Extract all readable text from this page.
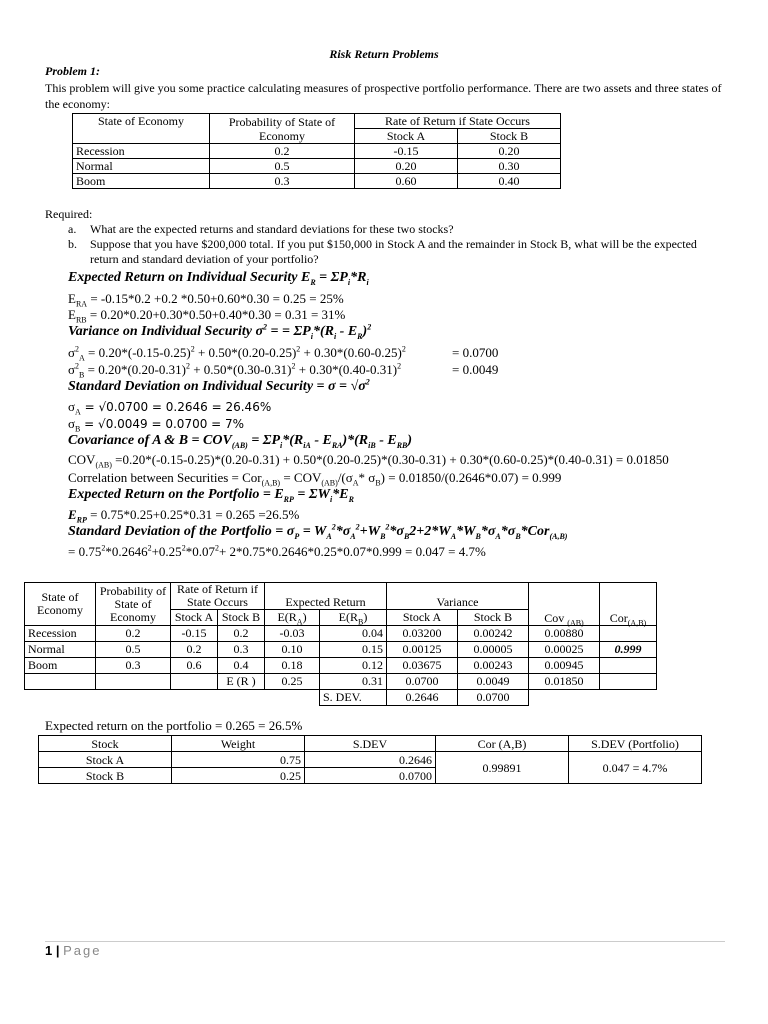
Risk Return Problems
Problem 1:
This problem will give you some practice calculating measures of prospective portfolio performance. There are two assets and three states of the economy:
State of Economy	Probability of State of Economy	Rate of Return if State Occurs	
		Stock A	Stock B
Recession	0.2	-0.15	0.20
Normal	0.5	0.20	0.30
Boom	0.3	0.60	0.40
Required:
a. What are the expected returns and standard deviations for these two stocks?
b. Suppose that you have $200,000 total. If you put $150,000 in Stock A and the remainder in Stock B, what will be the expected return and standard deviation of your portfolio?
Expected Return on Individual Security $E_R = \Sigma P_i*R_i$
$E_{RA} = -0.15*0.2 +0.2$ *0.50+0.60*0.30 = 0.25 = 25%
$E_{RB} = 0.20*0.20+0.30*0.50+0.40*0.30 = 0.31 = 31\%$
Variance on Individual Security $\sigma^2$ = = $\Sigma P_i*(R_i - E_R)^2$
$\sigma^2_A = 0.20*(-0.15-0.25)^2 + 0.50*(0.20-0.25)^2 + 0.30*(0.60-0.25)^2$	= 0.0700
$\sigma^2_B = 0.20*(0.20-0.31)^2 + 0.50*(0.30-0.31)^2 + 0.30*(0.40-0.31)^2$	= 0.0049
Standard Deviation on Individual Security = $\sigma = √\sigma^2$
$\sigma_A = √0.0700 = 0.2646 = 26.46\%$
$\sigma_B = √0.0049 = 0.0700 = 7\%$
Covariance of A & $B = COV_{(AB)} = \Sigma P_i*(R_{iA} - E_{RA})*(R_{iB} - E_{RB})$
$COV_{(AB)} =0.20*(-0.15-0.25)*(0.20-0.31) + 0.50*(0.20-0.25)*(0.30-0.31) + 0.30*(0.60-0.25)*(0.40-0.31) = 0.01850$
Correlation between Securities = $Cor_{(A,B)} = COV_{(AB)}/(\sigma_A*$ $\sigma_B) = 0.01850/(0.2646*0.07) = 0.999$
Expected Return on the Portfolio = $E_{RP} = \Sigma W_i*E_R$
$E_{RP} = 0.75*0.25+0.25*0.31 = 0.265 =26.5\%$
Standard Deviation of the Portfolio = $\sigma_P = W_A^2*\sigma_A^2+W_B^2*\sigma_B2+2*W_A*W_B*\sigma_A*\sigma_B*Cor_{(A,B)}$
= $0.75^2*0.2646^2+0.25^2*0.07^2+ 2*0.75*0.2646*0.25*0.07*0.999 = 0.047 = 4.7\%$
State of Economy	Probability of State of Economy	Rate of Return if State Occurs		Expected Return		Variance		Cov $_{(AB)}$	Cor$_{(A,B)}$
		Stock A	Stock B	$E(R_A)$	$E(R_B)$	Stock A	Stock B		
Recession	0.2	-0.15	0.2	-0.03	0.04	0.03200	0.00242	0.00880	
Normal	0.5	0.2	0.3	0.10	0.15	0.00125	0.00005	0.00025	0.999
Boom	0.3	0.6	0.4	0.18	0.12	0.03675	0.00243	0.00945	
			E (R )	0.25	0.31	0.0700	0.0049	0.01850	
					S. DEV.	0.2646	0.0700		
Expected return on the portfolio = 0.265 = 26.5%
Stock	Weight	S.DEV	Cor (A,B)	S.DEV (Portfolio)
Stock A	0.75	0.2646	0.99891	0.047 = 4.7%
Stock B	0.25	0.0700		
1 | Page
